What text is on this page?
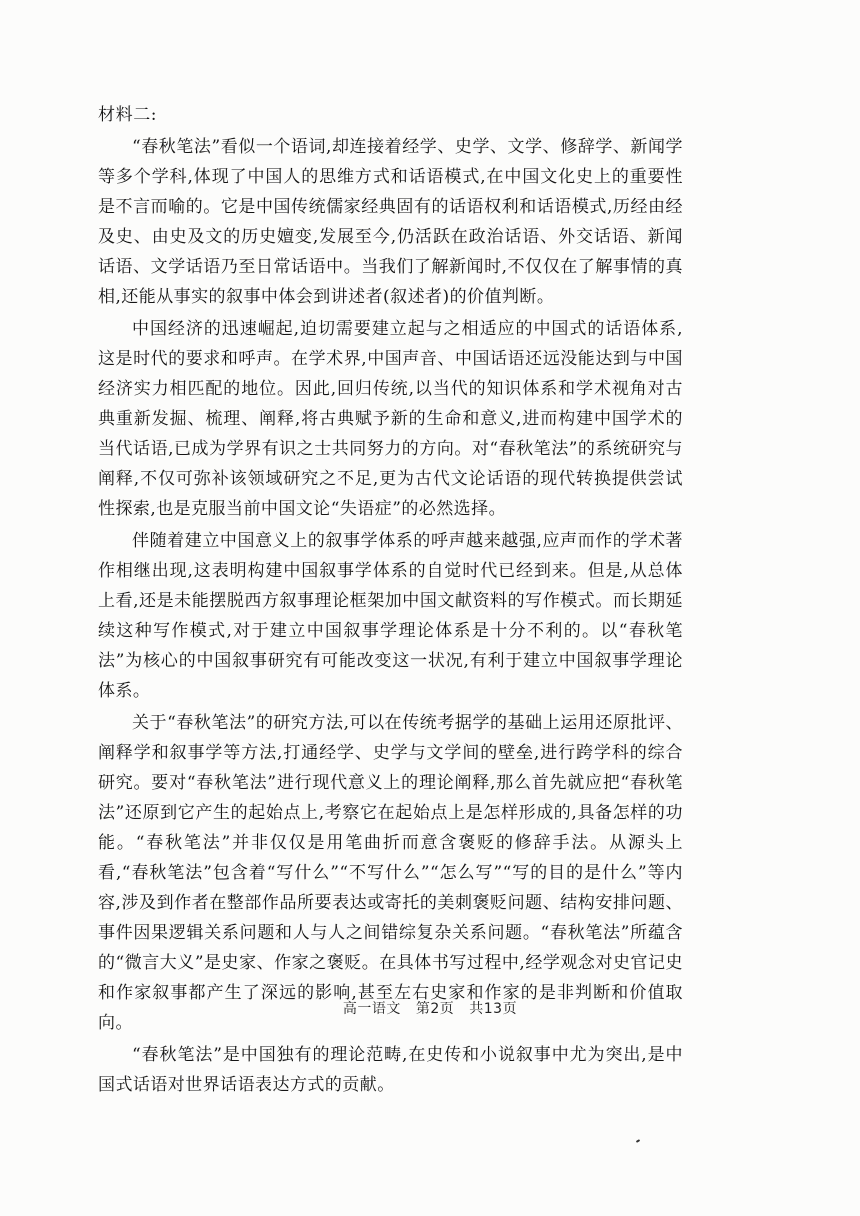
材料二:

“春秋笔法”看似一个语词,却连接着经学、史学、文学、修辞学、新闻学等多个学科,体现了中国人的思维方式和话语模式,在中国文化史上的重要性是不言而喻的。它是中国传统儒家经典固有的话语权利和话语模式,历经由经及史、由史及文的历史嬗变,发展至今,仍活跃在政治话语、外交话语、新闻话语、文学话语乃至日常话语中。当我们了解新闻时,不仅仅在了解事情的真相,还能从事实的叙事中体会到讲述者(叙述者)的价值判断。

中国经济的迅速崛起,迫切需要建立起与之相适应的中国式的话语体系,这是时代的要求和呼声。在学术界,中国声音、中国话语还远没能达到与中国经济实力相匹配的地位。因此,回归传统,以当代的知识体系和学术视角对古典重新发掘、梳理、阐释,将古典赋予新的生命和意义,进而构建中国学术的当代话语,已成为学界有识之士共同努力的方向。对“春秋笔法”的系统研究与阐释,不仅可弥补该领域研究之不足,更为古代文论话语的现代转换提供尝试性探索,也是克服当前中国文论“失语症”的必然选择。

伴随着建立中国意义上的叙事学体系的呼声越来越强,应声而作的学术著作相继出现,这表明构建中国叙事学体系的自觉时代已经到来。但是,从总体上看,还是未能摆脱西方叙事理论框架加中国文献资料的写作模式。而长期延续这种写作模式,对于建立中国叙事学理论体系是十分不利的。以“春秋笔法”为核心的中国叙事研究有可能改变这一状况,有利于建立中国叙事学理论体系。

关于“春秋笔法”的研究方法,可以在传统考据学的基础上运用还原批评、阐释学和叙事学等方法,打通经学、史学与文学间的壁垒,进行跨学科的综合研究。要对“春秋笔法”进行现代意义上的理论阐释,那么首先就应把“春秋笔法”还原到它产生的起始点上,考察它在起始点上是怎样形成的,具备怎样的功能。“春秋笔法”并非仅仅是用笔曲折而意含褒贬的修辞手法。从源头上看,“春秋笔法”包含着“写什么”“不写什么”“怎么写”“写的目的是什么”等内容,涉及到作者在整部作品所要表达或寄托的美刺褒贬问题、结构安排问题、事件因果逻辑关系问题和人与人之间错综复杂关系问题。“春秋笔法”所蕴含的“微言大义”是史家、作家之褒贬。在具体书写过程中,经学观念对史官记史和作家叙事都产生了深远的影响,甚至左右史家和作家的是非判断和价值取向。

“春秋笔法”是中国独有的理论范畴,在史传和小说叙事中尤为突出,是中国式话语对世界话语表达方式的贡献。

高一语文 第2页 共13页
